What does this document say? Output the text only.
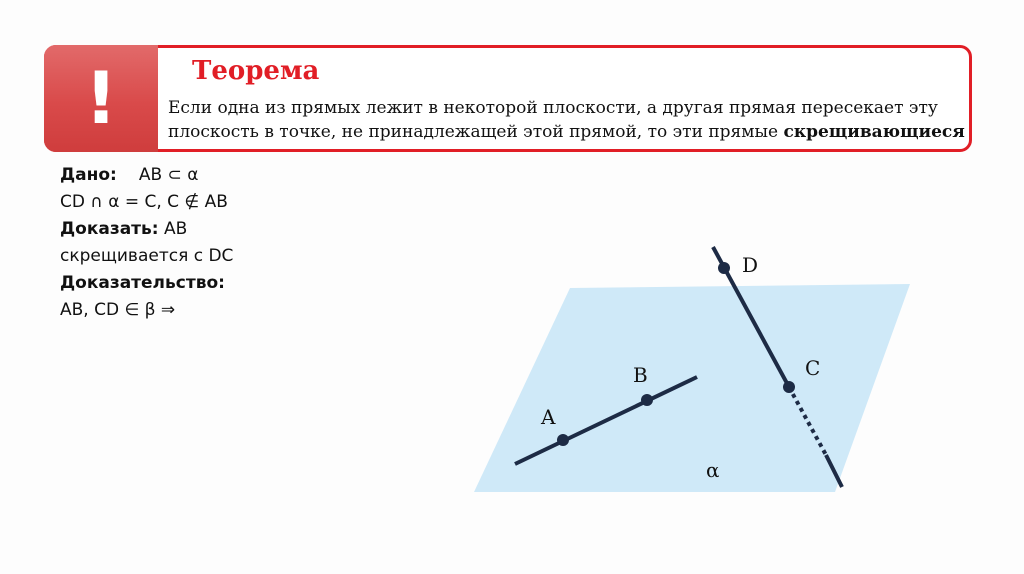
!	Теорема

Если одна из прямых лежит в некоторой плоскости, а другая прямая пересекает эту плоскость в точке, не принадлежащей этой прямой, то эти прямые скрещивающиеся

Дано: AB ⊂ α
CD ∩ α = C, C ∉ AB
Доказать: AB
скрещивается с DC
Доказательство:
AB, CD ∈ β ⇒
A
B	C
D
α
